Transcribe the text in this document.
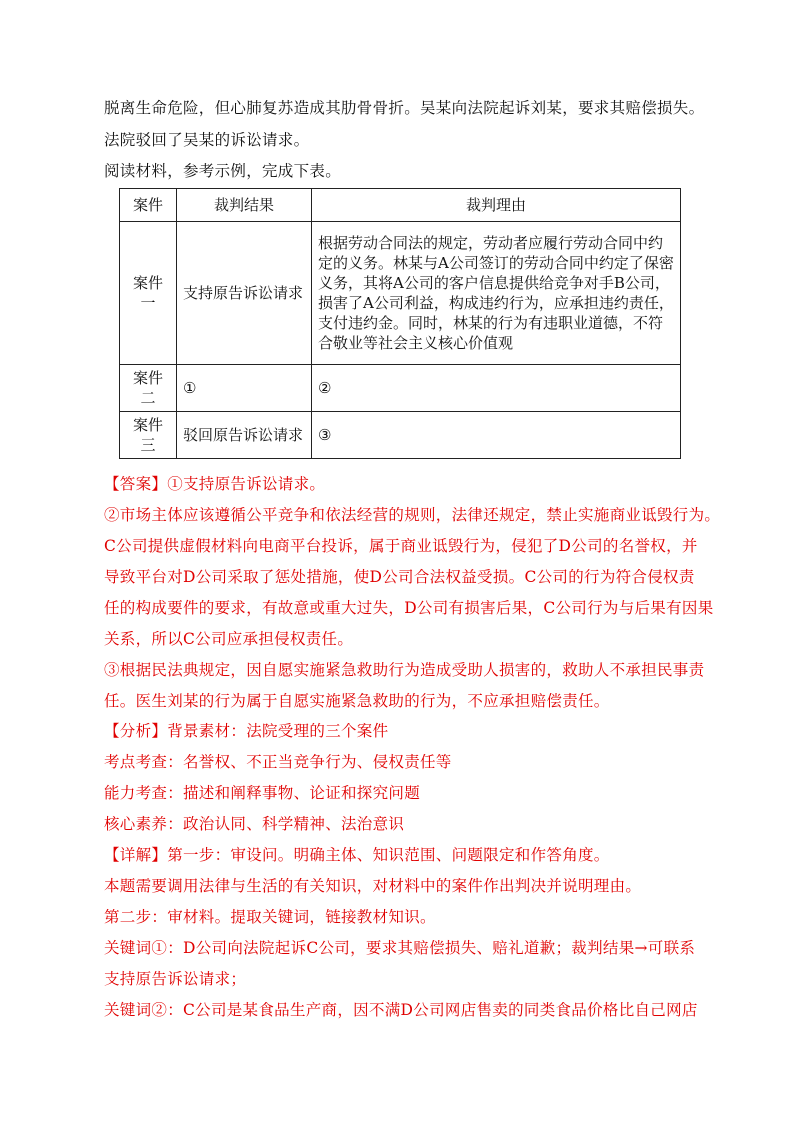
脱离生命危险，但心肺复苏造成其肋骨骨折。吴某向法院起诉刘某，要求其赔偿损失。
法院驳回了吴某的诉讼请求。
阅读材料，参考示例，完成下表。
案件	裁判结果	裁判理由
案件一	支持原告诉讼请求	根据劳动合同法的规定，劳动者应履行劳动合同中约定的义务。林某与A公司签订的劳动合同中约定了保密义务，其将A公司的客户信息提供给竞争对手B公司，损害了A公司利益，构成违约行为，应承担违约责任，支付违约金。同时，林某的行为有违职业道德，不符合敬业等社会主义核心价值观
案件二	①	②
案件三	驳回原告诉讼请求	③
【答案】①支持原告诉讼请求。
②市场主体应该遵循公平竞争和依法经营的规则，法律还规定，禁止实施商业诋毁行为。
C公司提供虚假材料向电商平台投诉，属于商业诋毁行为，侵犯了D公司的名誉权，并
导致平台对D公司采取了惩处措施，使D公司合法权益受损。C公司的行为符合侵权责
任的构成要件的要求，有故意或重大过失，D公司有损害后果，C公司行为与后果有因果
关系，所以C公司应承担侵权责任。
③根据民法典规定，因自愿实施紧急救助行为造成受助人损害的，救助人不承担民事责
任。医生刘某的行为属于自愿实施紧急救助的行为，不应承担赔偿责任。
【分析】背景素材：法院受理的三个案件
考点考查：名誉权、不正当竞争行为、侵权责任等
能力考查：描述和阐释事物、论证和探究问题
核心素养：政治认同、科学精神、法治意识
【详解】第一步：审设问。明确主体、知识范围、问题限定和作答角度。
本题需要调用法律与生活的有关知识，对材料中的案件作出判决并说明理由。
第二步：审材料。提取关键词，链接教材知识。
关键词①：D公司向法院起诉C公司，要求其赔偿损失、赔礼道歉；裁判结果→可联系
支持原告诉讼请求；
关键词②：C公司是某食品生产商，因不满D公司网店售卖的同类食品价格比自己网店
